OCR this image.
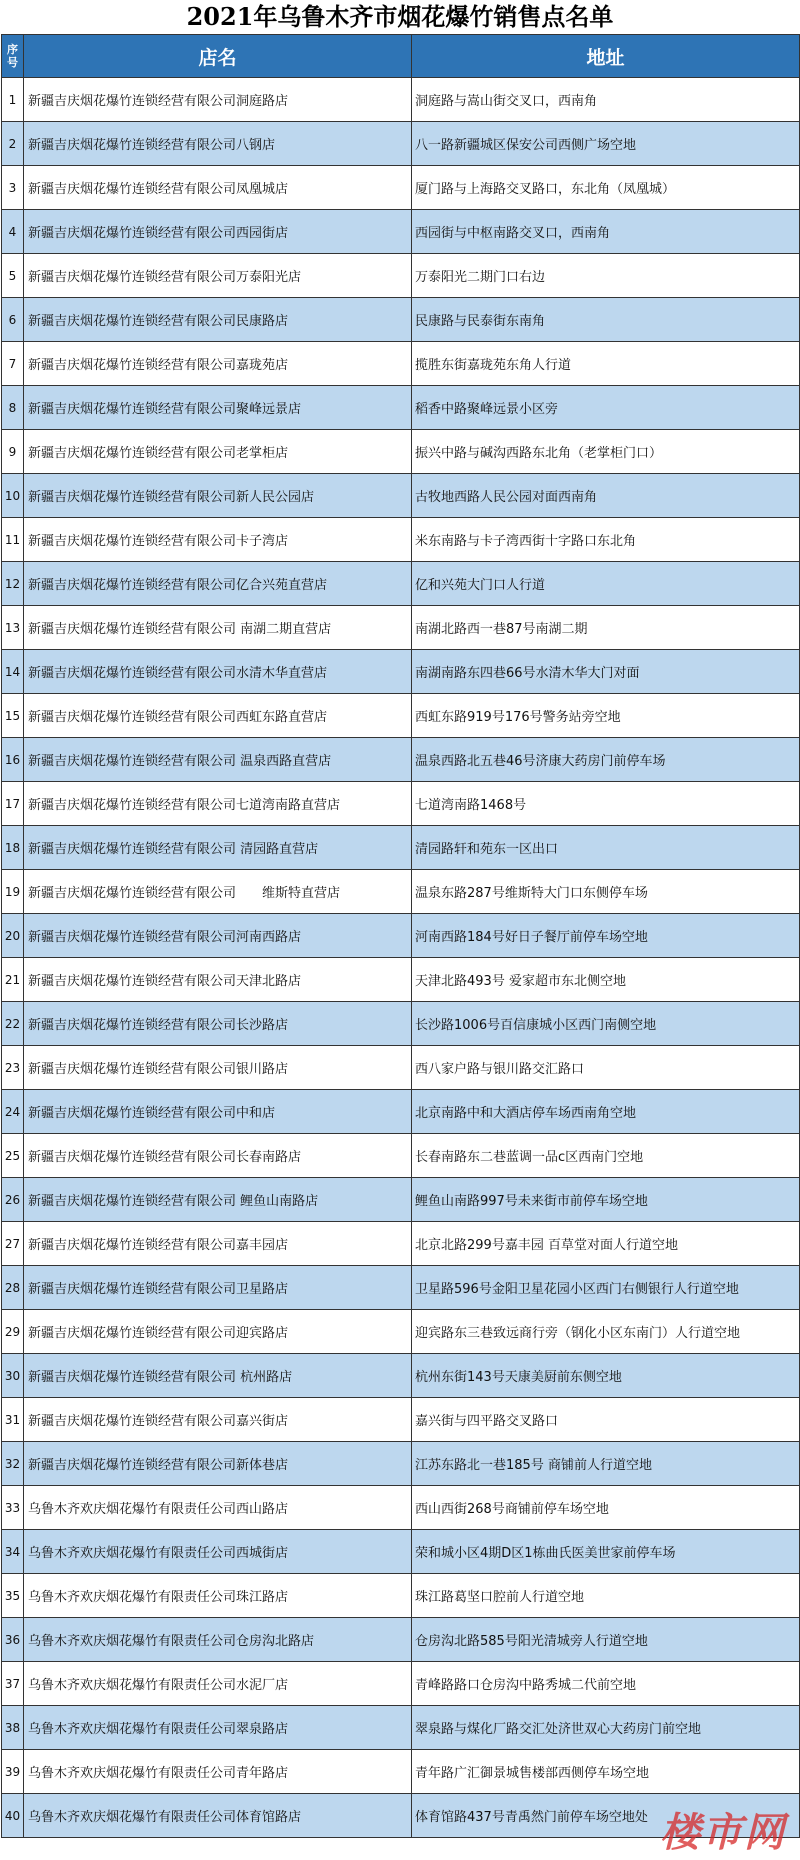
2021年乌鲁木齐市烟花爆竹销售点名单
序号	店名	地址
1	新疆吉庆烟花爆竹连锁经营有限公司洞庭路店	洞庭路与嵩山街交叉口，西南角
2	新疆吉庆烟花爆竹连锁经营有限公司八钢店	八一路新疆城区保安公司西侧广场空地
3	新疆吉庆烟花爆竹连锁经营有限公司凤凰城店	厦门路与上海路交叉路口，东北角（凤凰城）
4	新疆吉庆烟花爆竹连锁经营有限公司西园街店	西园街与中枢南路交叉口，西南角
5	新疆吉庆烟花爆竹连锁经营有限公司万泰阳光店	万泰阳光二期门口右边
6	新疆吉庆烟花爆竹连锁经营有限公司民康路店	民康路与民泰街东南角
7	新疆吉庆烟花爆竹连锁经营有限公司嘉珑苑店	揽胜东街嘉珑苑东角人行道
8	新疆吉庆烟花爆竹连锁经营有限公司聚峰远景店	稻香中路聚峰远景小区旁
9	新疆吉庆烟花爆竹连锁经营有限公司老掌柜店	振兴中路与碱沟西路东北角（老掌柜门口）
10	新疆吉庆烟花爆竹连锁经营有限公司新人民公园店	古牧地西路人民公园对面西南角
11	新疆吉庆烟花爆竹连锁经营有限公司卡子湾店	米东南路与卡子湾西街十字路口东北角
12	新疆吉庆烟花爆竹连锁经营有限公司亿合兴苑直营店	亿和兴苑大门口人行道
13	新疆吉庆烟花爆竹连锁经营有限公司 南湖二期直营店	南湖北路西一巷87号南湖二期
14	新疆吉庆烟花爆竹连锁经营有限公司水清木华直营店	南湖南路东四巷66号水清木华大门对面
15	新疆吉庆烟花爆竹连锁经营有限公司西虹东路直营店	西虹东路919号176号警务站旁空地
16	新疆吉庆烟花爆竹连锁经营有限公司 温泉西路直营店	温泉西路北五巷46号济康大药房门前停车场
17	新疆吉庆烟花爆竹连锁经营有限公司七道湾南路直营店	七道湾南路1468号
18	新疆吉庆烟花爆竹连锁经营有限公司 清园路直营店	清园路轩和苑东一区出口
19	新疆吉庆烟花爆竹连锁经营有限公司　　维斯特直营店	温泉东路287号维斯特大门口东侧停车场
20	新疆吉庆烟花爆竹连锁经营有限公司河南西路店	河南西路184号好日子餐厅前停车场空地
21	新疆吉庆烟花爆竹连锁经营有限公司天津北路店	天津北路493号 爱家超市东北侧空地
22	新疆吉庆烟花爆竹连锁经营有限公司长沙路店	长沙路1006号百信康城小区西门南侧空地
23	新疆吉庆烟花爆竹连锁经营有限公司银川路店	西八家户路与银川路交汇路口
24	新疆吉庆烟花爆竹连锁经营有限公司中和店	北京南路中和大酒店停车场西南角空地
25	新疆吉庆烟花爆竹连锁经营有限公司长春南路店	长春南路东二巷蓝调一品c区西南门空地
26	新疆吉庆烟花爆竹连锁经营有限公司 鲤鱼山南路店	鲤鱼山南路997号未来街市前停车场空地
27	新疆吉庆烟花爆竹连锁经营有限公司嘉丰园店	北京北路299号嘉丰园 百草堂对面人行道空地
28	新疆吉庆烟花爆竹连锁经营有限公司卫星路店	卫星路596号金阳卫星花园小区西门右侧银行人行道空地
29	新疆吉庆烟花爆竹连锁经营有限公司迎宾路店	迎宾路东三巷致远商行旁（钢化小区东南门）人行道空地
30	新疆吉庆烟花爆竹连锁经营有限公司 杭州路店	杭州东街143号天康美厨前东侧空地
31	新疆吉庆烟花爆竹连锁经营有限公司嘉兴街店	嘉兴街与四平路交叉路口
32	新疆吉庆烟花爆竹连锁经营有限公司新体巷店	江苏东路北一巷185号 商铺前人行道空地
33	乌鲁木齐欢庆烟花爆竹有限责任公司西山路店	西山西街268号商铺前停车场空地
34	乌鲁木齐欢庆烟花爆竹有限责任公司西城街店	荣和城小区4期D区1栋曲氏医美世家前停车场
35	乌鲁木齐欢庆烟花爆竹有限责任公司珠江路店	珠江路葛坚口腔前人行道空地
36	乌鲁木齐欢庆烟花爆竹有限责任公司仓房沟北路店	仓房沟北路585号阳光清城旁人行道空地
37	乌鲁木齐欢庆烟花爆竹有限责任公司水泥厂店	青峰路路口仓房沟中路秀城二代前空地
38	乌鲁木齐欢庆烟花爆竹有限责任公司翠泉路店	翠泉路与煤化厂路交汇处济世双心大药房门前空地
39	乌鲁木齐欢庆烟花爆竹有限责任公司青年路店	青年路广汇御景城售楼部西侧停车场空地
40	乌鲁木齐欢庆烟花爆竹有限责任公司体育馆路店	体育馆路437号青禹然门前停车场空地处 楼市网
